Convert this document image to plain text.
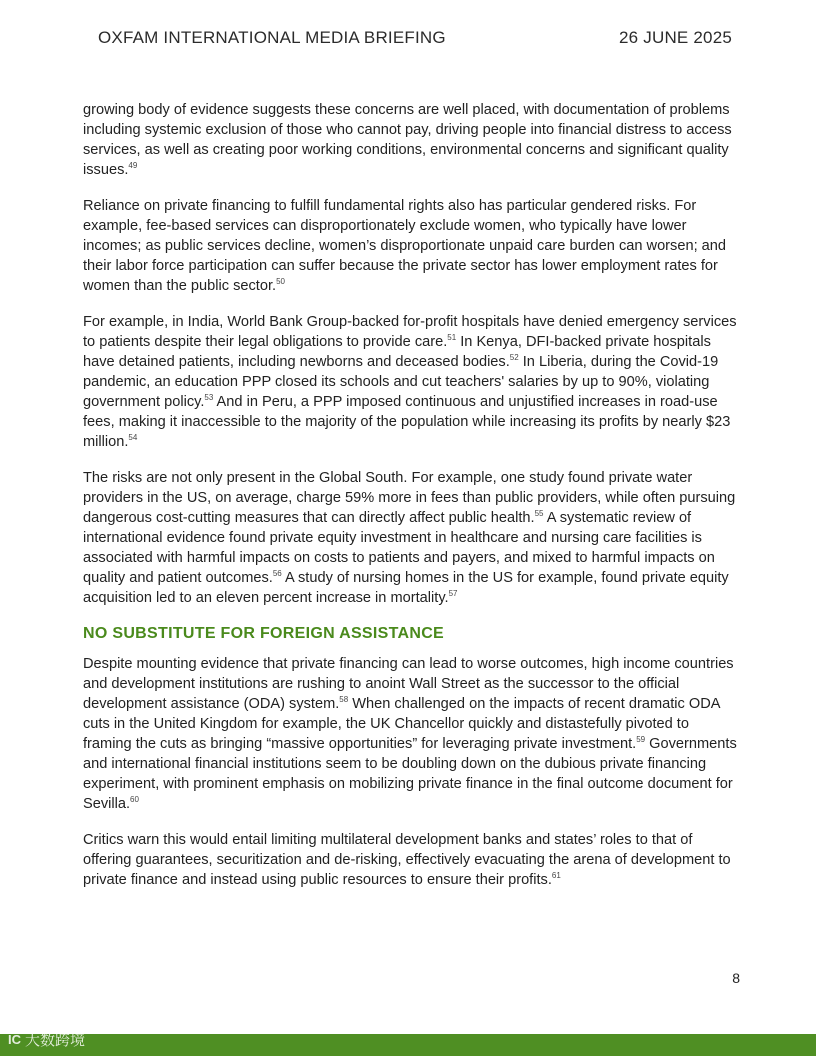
OXFAM INTERNATIONAL MEDIA BRIEFING	26 JUNE 2025

growing body of evidence suggests these concerns are well placed, with documentation of problems including systemic exclusion of those who cannot pay, driving people into financial distress to access services, as well as creating poor working conditions, environmental concerns and significant quality issues.$^{49}$

Reliance on private financing to fulfill fundamental rights also has particular gendered risks. For example, fee-based services can disproportionately exclude women, who typically have lower incomes; as public services decline, women’s disproportionate unpaid care burden can worsen; and their labor force participation can suffer because the private sector has lower employment rates for women than the public sector.$^{50}$

For example, in India, World Bank Group-backed for-profit hospitals have denied emergency services to patients despite their legal obligations to provide care.$^{51}$ In Kenya, DFI-backed private hospitals have detained patients, including newborns and deceased bodies.$^{52}$ In Liberia, during the Covid-19 pandemic, an education PPP closed its schools and cut teachers' salaries by up to 90%, violating government policy.$^{53}$ And in Peru, a PPP imposed continuous and unjustified increases in road-use fees, making it inaccessible to the majority of the population while increasing its profits by nearly $23 million.$^{54}$

The risks are not only present in the Global South. For example, one study found private water providers in the US, on average, charge 59% more in fees than public providers, while often pursuing dangerous cost-cutting measures that can directly affect public health.$^{55}$ A systematic review of international evidence found private equity investment in healthcare and nursing care facilities is associated with harmful impacts on costs to patients and payers, and mixed to harmful impacts on quality and patient outcomes.$^{56}$ A study of nursing homes in the US for example, found private equity acquisition led to an eleven percent increase in mortality.$^{57}$

NO SUBSTITUTE FOR FOREIGN ASSISTANCE

Despite mounting evidence that private financing can lead to worse outcomes, high income countries and development institutions are rushing to anoint Wall Street as the successor to the official development assistance (ODA) system.$^{58}$ When challenged on the impacts of recent dramatic ODA cuts in the United Kingdom for example, the UK Chancellor quickly and distastefully pivoted to framing the cuts as bringing “massive opportunities” for leveraging private investment.$^{59}$ Governments and international financial institutions seem to be doubling down on the dubious private financing experiment, with prominent emphasis on mobilizing private finance in the final outcome document for Sevilla.$^{60}$

Critics warn this would entail limiting multilateral development banks and states’ roles to that of offering guarantees, securitization and de-risking, effectively evacuating the arena of development to private finance and instead using public resources to ensure their profits.$^{61}$

8
IC 大数跨境
